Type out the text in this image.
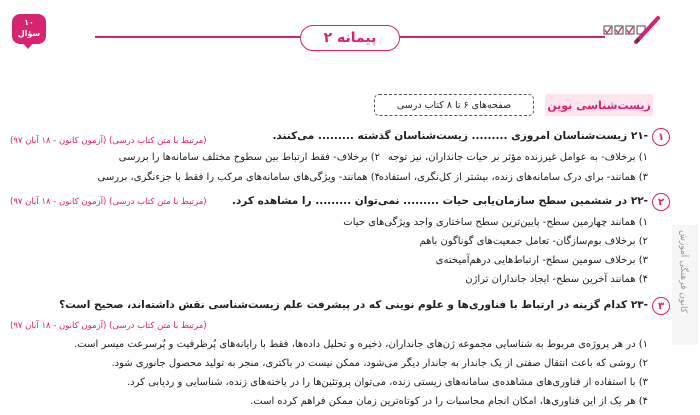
۱۰
سؤال	پیمانه ۲
کانون فرهنگی آموزش
زیست‌شناسی نوین
صفحه‌های ۶ تا ۸ کتاب درسی
۱
-۲۱ زیست‌شناسان امروزی ......... زیست‌شناسان گذشته ......... می‌کنند.
(مرتبط با متن کتاب درسی) (آزمون کانون - ۱۸ آبان ۹۷)
۱) برخلاف- به عوامل غیرزنده مؤثر بر حیات جانداران، نیز توجه
۲) برخلاف- فقط ارتباط بین سطوح مختلف سامانه‌ها را بررسی
۳) همانند- برای درک سامانه‌های زنده، بیشتر از کل‌نگری، استفاده
۴) همانند- ویژگی‌های سامانه‌های مرکب را فقط با جزءنگری، بررسی
۲
-۲۲ در ششمین سطح سازمان‌یابی حیات ......... نمی‌توان ......... را مشاهده کرد.
(مرتبط با متن کتاب درسی) (آزمون کانون - ۱۸ آبان ۹۷)
۱) همانند چهارمین سطح- پایین‌ترین سطح ساختاری واجد ویژگی‌های حیات
۲) برخلاف بوم‌سازگان- تعامل جمعیت‌های گوناگون باهم
۳) برخلاف سومین سطح- ارتباط‌هایی درهم‌آمیخته‌ی
۴) همانند آخرین سطح- ایجاد جانداران تراژن
۳
-۲۳ کدام گزینه در ارتباط با فناوری‌ها و علوم نوینی که در پیشرفت علم زیست‌شناسی نقش داشته‌اند، صحیح است؟
(مرتبط با متن کتاب درسی) (آزمون کانون - ۱۸ آبان ۹۷)
۱) در هر پروژه‌ی مربوط به شناسایی مجموعه ژن‌های جانداران، ذخیره و تحلیل داده‌ها، فقط با رایانه‌های پُرظرفیت و پُرسرعت میسر است.
۲) روشی که باعث انتقال صفتی از یک جاندار به جاندار دیگر می‌شود، ممکن نیست در باکتری، منجر به تولید محصول جانوری شود.
۳) با استفاده از فناوری‌های مشاهده‌ی سامانه‌های زیستی زنده، می‌توان پروتئین‌ها را در یاخته‌های زنده، شناسایی و ردیابی کرد.
۴) هر یک از این فناوری‌ها، امکان انجام محاسبات را در کوتاه‌ترین زمان ممکن فراهم کرده است.
